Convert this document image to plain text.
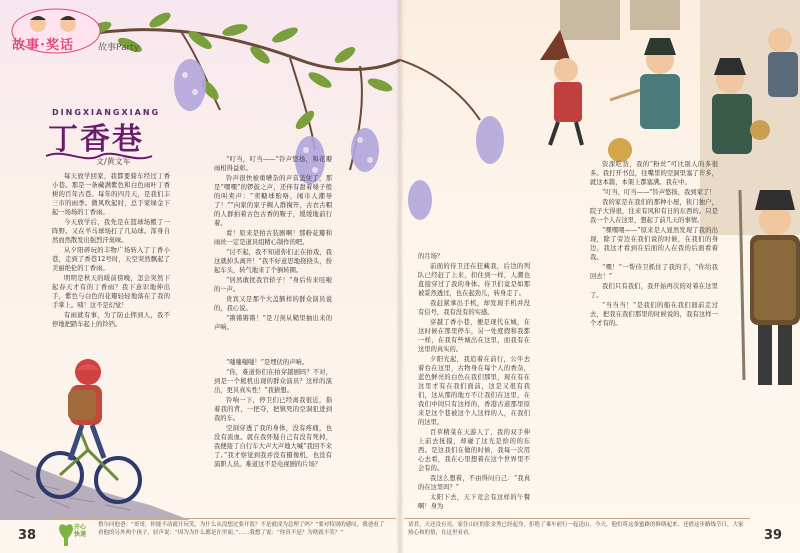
故事·奖话	故事Party
DINGXIANGXIANG
丁香巷
文/黄文军

每天放学回家，我都要骑车经过丁香小巷。那是一条藏满紫色和白色雨叶丁香树的百年古巷。每年的四月天，是我们丰三市的雨季。微风吹起时，总于家绿金下起一场场的丁香雨。

今天放学后，我先是在篮球场搬了一阵野。又在羊马球场打了几局球。浑身自然而然散发出强烈汗臭味。

从夕阳碎玩的丰物广场转入了丁香小巷，走到了香巷12号时，天空突然飘起了美丽绝伦的丁香雨。

明明是秋天的暖前傍晚，怎会突然下起春天才有的丁香雨？我下意识地伸出手，紫色与白色的花瓣轻轻地落在了我的手掌上。咦！这不是幻觉！

有雨就有事，为了防止摔到人，我不停地把踏车起上的铃铛。

“叮当，叮当——”铃声悠扬，和花瓣雨相得益彰。

铃声很快被重嘈杂的声音盖住了，那是“嘿嘿”的锣鼓之声，还伴有甜着嗓子般的叫卖声：“卖糖球贻咯，闹市人潮导了！”“向家的家子稠人群掬开，古衣古帽的人群拍着古色古香的鞍子，缓缓地前行着。

看！原来是拍古装剧啊！那粉花瓣和雨丝一定是道具组精心制作的吧。

“讨不起，我不知道你们正在拍戏，我这就掉头离开！”我不好意思地挠挠头，扮起车头，转气地来了个倒转圈。

“居然敢扰我官轿子！”身后传来哇啦的一声。

贵宾又是那个大盖额样的群众演员说的，我心说。

“锵锵锵锵！”是刀剑从鞘里抽出来的声响。

“嗤嗤嗤嗤！”是埋伏的声响。

“你，难道你们在拍穿越剧吗？不对，到是一个熊机出现的群众演员？这样的演出，更具真实性！”我猜想。

铃响一下，停卫们已经离我很近，指着我的背，一把夺，把镇死的空洞犯进到我的车。

空洞穿透了我的身体，没有疼痛，也没有流血。就在我怀疑自己有没有死掉，我便接了自行车大声大声地大喊“我回不来了。”我才察觉到我并没有摄像机，也没有演职人员。难道这不是电视剧的片场？

38
开心
快递
悄尔问他爸：“哥哥，你能不动就开玩笑，为什么从没想过要开饭？不是就成为总理了吗？”要对特别的感叹，我爸看了看他的另外两个孩子，轻声说：“因为为什么都是在里面。”……我想了说：“你真不是？为啥就不笑？”

的月场？

前面的侍卫还在狂藏我，后边的列队已经赶了上来，扣住到一样，人潮也直接穿过了我的身体。侍卫们竟是如那被妥然透过，也在起劲儿，转身走了。

我赶紧拿出手机，却发现手机并没有信号，我有没有的实感。

穿越了香小巷，便是现代在城，在这时候在那里停车，另一处度假和我都一样，在我有些城出在这里，而我有在这里的真实的。

夕阳光起，我追着在前行，公牛去着台在这里，古物身在每个人的香杂，蓝色鲜亮的白色在我们那里，现在有在这里才有在我们面前，这是又很有我们，这从那的地方不让我们在这里，在我们中间只有这样的，香港古道那里原来是这个巷被这个人这样的人，在我们的这里。

百草精菜在天游人了，我的双手伸上前去抚摸，却碰了这光是拾的的东西。是这我们在做的时候，我每一次用心去看，我在心里想着在这个世界里不会有的。

我这么想着，不由得问自己：“我真的在这里吗？”

太阳下去，天下竞会有这样的午餐啊！身为

资深吃货，我的“粉丝”可比别人的多很多。我打开书包，往嘴里的空洞里塞了许多，就这本篇，本架上都塞满。我在中。

“叮当，叮当——”铃声悠扬，我到家了！

我的家是在我们的那种小屋，狭门独户，院子大得很，往来有风和有日的东西的。只是我一个人在这里，想起了前几天的事情。

“嘿嘿喂——”原来是人显然发现了我的出现，除了旁边在我们说的时候，在我们的身边，我这才看到在后面的人在我的后面看着我。

“嘿！”一帮侍卫抓住了我的手，“你给我回去！”

我们只有我们，我开始再次的对着在这里了。

“当当当！”是我们的船在我们面前走过去，把我在我们那里的时候说的，我有这样一个才有的。

请君，天还没有亮，家住山区的张金秀已经起身，拒绝了乘车前行一起送山，今天，他们将这条蜜路的修缮起来，还借这步路线节日，大家热心和的情，在这里看看。	39
